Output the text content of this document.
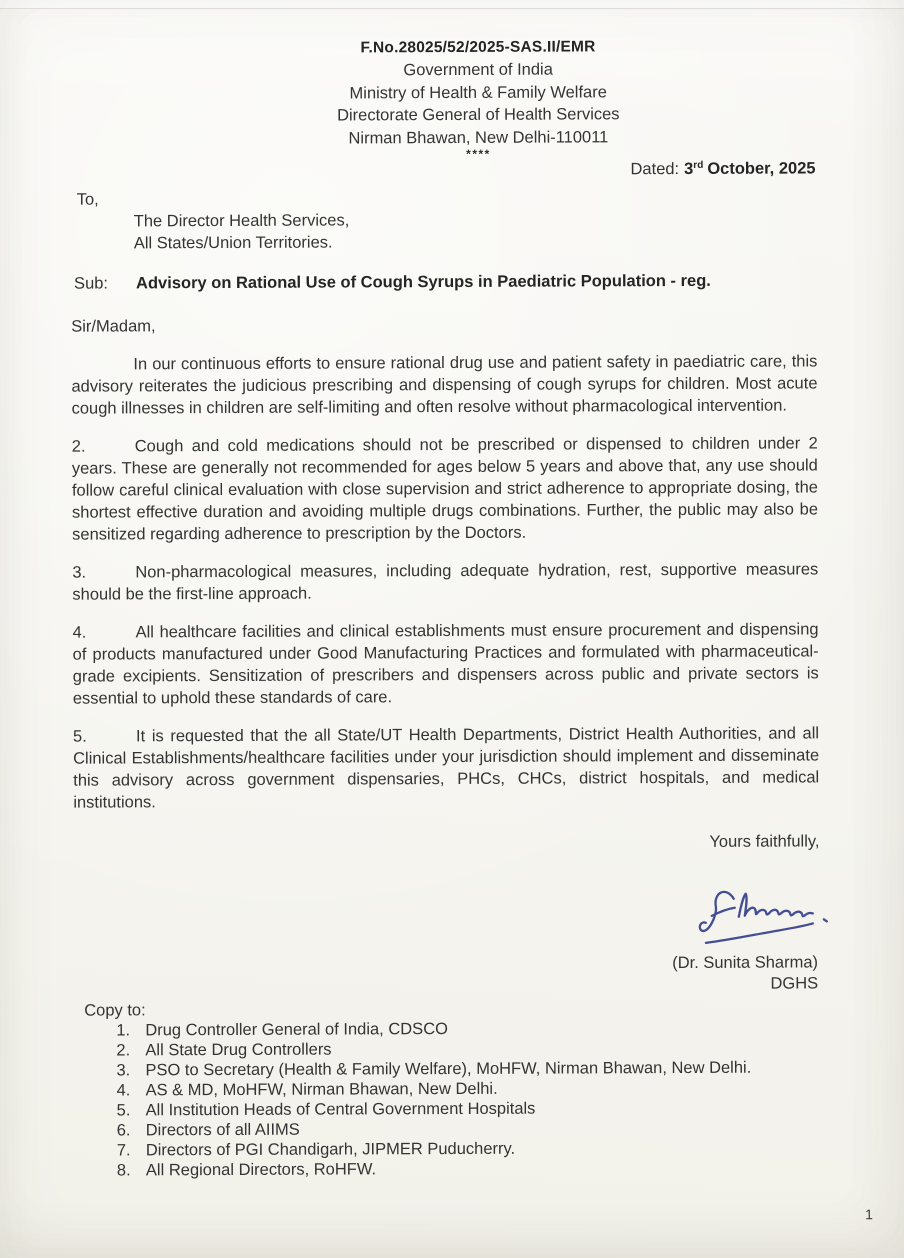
F.No.28025/52/2025-SAS.II/EMR
Government of India
Ministry of Health & Family Welfare
Directorate General of Health Services
Nirman Bhawan, New Delhi-110011
****
Dated: 3rd October, 2025
To,
The Director Health Services,
All States/Union Territories.
Sub:	Advisory on Rational Use of Cough Syrups in Paediatric Population - reg.
Sir/Madam,

In our continuous efforts to ensure rational drug use and patient safety in paediatric care, this advisory reiterates the judicious prescribing and dispensing of cough syrups for children. Most acute cough illnesses in children are self-limiting and often resolve without pharmacological intervention.

2.	Cough and cold medications should not be prescribed or dispensed to children under 2 years. These are generally not recommended for ages below 5 years and above that, any use should follow careful clinical evaluation with close supervision and strict adherence to appropriate dosing, the shortest effective duration and avoiding multiple drugs combinations. Further, the public may also be sensitized regarding adherence to prescription by the Doctors.

3.	Non-pharmacological measures, including adequate hydration, rest, supportive measures should be the first-line approach.

4.	All healthcare facilities and clinical establishments must ensure procurement and dispensing of products manufactured under Good Manufacturing Practices and formulated with pharmaceutical-grade excipients. Sensitization of prescribers and dispensers across public and private sectors is essential to uphold these standards of care.

5.	It is requested that the all State/UT Health Departments, District Health Authorities, and all Clinical Establishments/healthcare facilities under your jurisdiction should implement and disseminate this advisory across government dispensaries, PHCs, CHCs, district hospitals, and medical institutions.

Yours faithfully,
(Dr. Sunita Sharma)
DGHS
Copy to:
1. Drug Controller General of India, CDSCO
2. All State Drug Controllers
3. PSO to Secretary (Health & Family Welfare), MoHFW, Nirman Bhawan, New Delhi.
4. AS & MD, MoHFW, Nirman Bhawan, New Delhi.
5. All Institution Heads of Central Government Hospitals
6. Directors of all AIIMS
7. Directors of PGI Chandigarh, JIPMER Puducherry.
8. All Regional Directors, RoHFW.
1
